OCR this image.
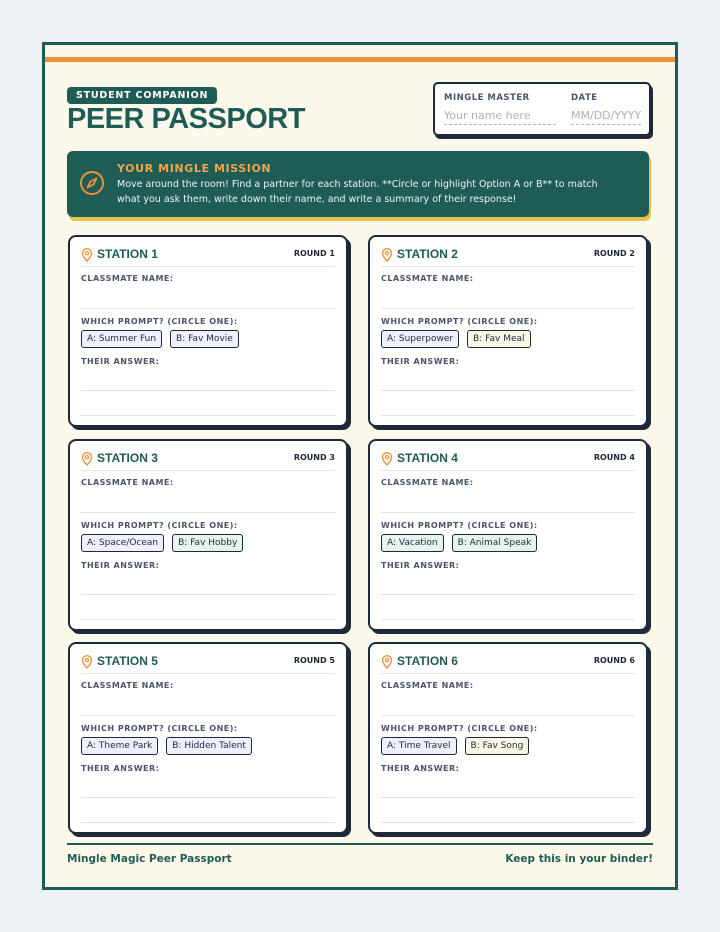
STUDENT COMPANION
PEER PASSPORT
MINGLE MASTER
Your name here
DATE
MM/DD/YYYY
YOUR MINGLE MISSION
Move around the room! Find a partner for each station. **Circle or highlight Option A or B** to match what you ask them, write down their name, and write a summary of their response!
STATION 1	ROUND 1
CLASSMATE NAME:
WHICH PROMPT? (CIRCLE ONE):
A: Summer Fun	B: Fav Movie
THEIR ANSWER:
STATION 2	ROUND 2
CLASSMATE NAME:
WHICH PROMPT? (CIRCLE ONE):
A: Superpower	B: Fav Meal
THEIR ANSWER:
STATION 3	ROUND 3
CLASSMATE NAME:
WHICH PROMPT? (CIRCLE ONE):
A: Space/Ocean	B: Fav Hobby
THEIR ANSWER:
STATION 4	ROUND 4
CLASSMATE NAME:
WHICH PROMPT? (CIRCLE ONE):
A: Vacation	B: Animal Speak
THEIR ANSWER:
STATION 5	ROUND 5
CLASSMATE NAME:
WHICH PROMPT? (CIRCLE ONE):
A: Theme Park	B: Hidden Talent
THEIR ANSWER:
STATION 6	ROUND 6
CLASSMATE NAME:
WHICH PROMPT? (CIRCLE ONE):
A: Time Travel	B: Fav Song
THEIR ANSWER:
Mingle Magic Peer Passport	Keep this in your binder!
